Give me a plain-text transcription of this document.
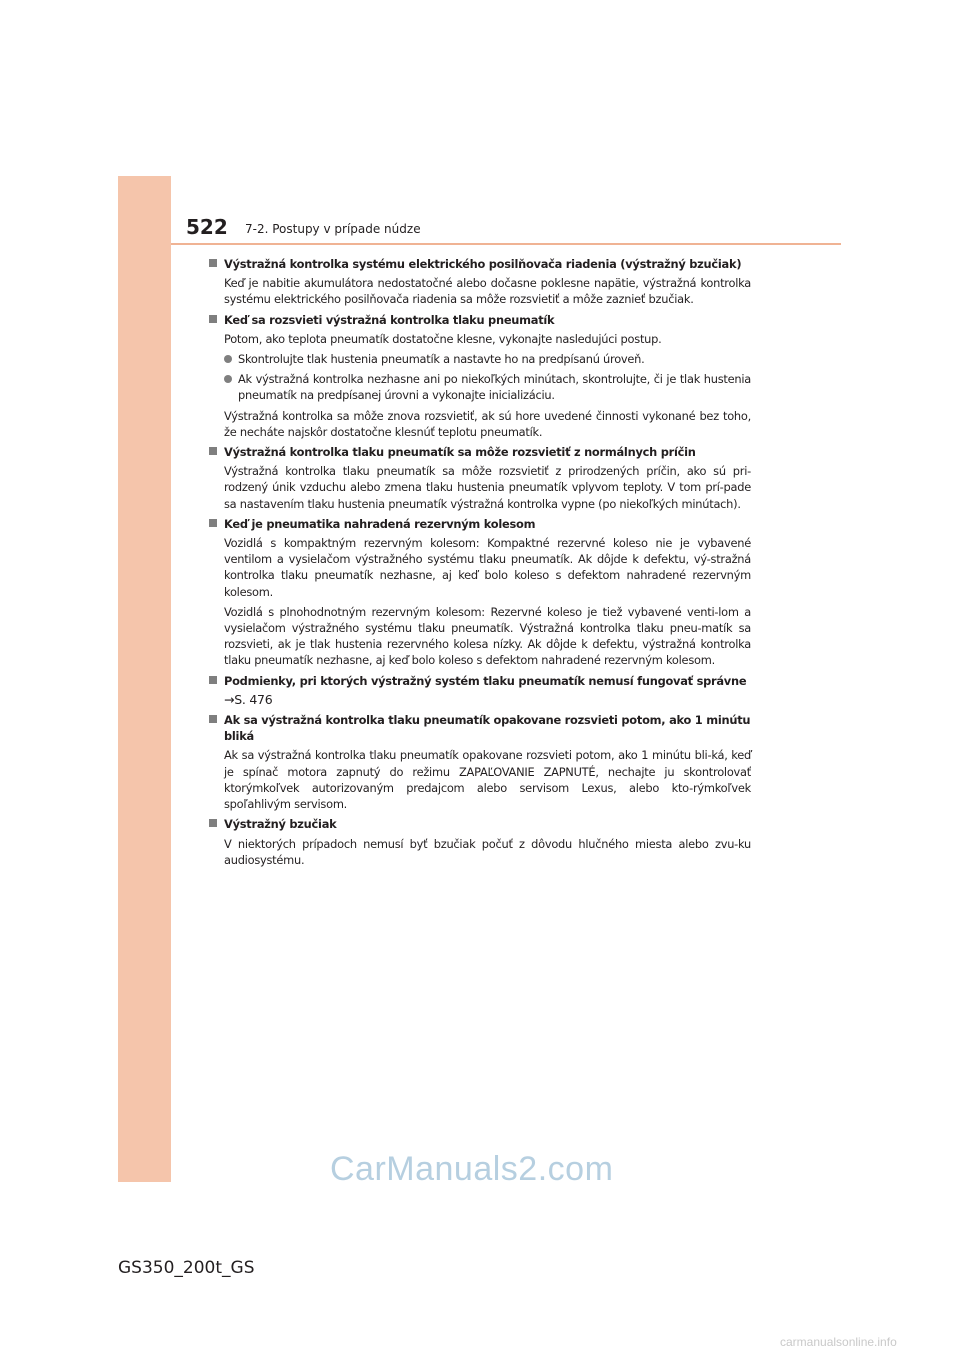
522 7-2. Postupy v prípade núdze
Výstražná kontrolka systému elektrického posilňovača riadenia (výstražný bzučiak)
Keď je nabitie akumulátora nedostatočné alebo dočasne poklesne napätie, výstražná kontrolka systému elektrického posilňovača riadenia sa môže rozsvietiť a môže zaznieť bzučiak.
Keď sa rozsvieti výstražná kontrolka tlaku pneumatík
Potom, ako teplota pneumatík dostatočne klesne, vykonajte nasledujúci postup.
Skontrolujte tlak hustenia pneumatík a nastavte ho na predpísanú úroveň.
Ak výstražná kontrolka nezhasne ani po niekoľkých minútach, skontrolujte, či je tlak hustenia pneumatík na predpísanej úrovni a vykonajte inicializáciu.
Výstražná kontrolka sa môže znova rozsvietiť, ak sú hore uvedené činnosti vykonané bez toho, že necháte najskôr dostatočne klesnúť teplotu pneumatík.
Výstražná kontrolka tlaku pneumatík sa môže rozsvietiť z normálnych príčin
Výstražná kontrolka tlaku pneumatík sa môže rozsvietiť z prirodzených príčin, ako sú pri-rodzený únik vzduchu alebo zmena tlaku hustenia pneumatík vplyvom teploty. V tom prí-pade sa nastavením tlaku hustenia pneumatík výstražná kontrolka vypne (po niekoľkých minútach).
Keď je pneumatika nahradená rezervným kolesom
Vozidlá s kompaktným rezervným kolesom: Kompaktné rezervné koleso nie je vybavené ventilom a vysielačom výstražného systému tlaku pneumatík. Ak dôjde k defektu, vý-stražná kontrolka tlaku pneumatík nezhasne, aj keď bolo koleso s defektom nahradené rezervným kolesom.
Vozidlá s plnohodnotným rezervným kolesom: Rezervné koleso je tiež vybavené venti-lom a vysielačom výstražného systému tlaku pneumatík. Výstražná kontrolka tlaku pneu-matík sa rozsvieti, ak je tlak hustenia rezervného kolesa nízky. Ak dôjde k defektu, výstražná kontrolka tlaku pneumatík nezhasne, aj keď bolo koleso s defektom nahradené rezervným kolesom.
Podmienky, pri ktorých výstražný systém tlaku pneumatík nemusí fungovať správne
→S. 476
Ak sa výstražná kontrolka tlaku pneumatík opakovane rozsvieti potom, ako 1 minútu bliká
Ak sa výstražná kontrolka tlaku pneumatík opakovane rozsvieti potom, ako 1 minútu bli-ká, keď je spínač motora zapnutý do režimu ZAPAĽOVANIE ZAPNUTÉ, nechajte ju skontrolovať ktorýmkoľvek autorizovaným predajcom alebo servisom Lexus, alebo kto-rýmkoľvek spoľahlivým servisom.
Výstražný bzučiak
V niektorých prípadoch nemusí byť bzučiak počuť z dôvodu hlučného miesta alebo zvu-ku audiosystému.
CarManuals2.com
GS350_200t_GS
carmanualsonline.info
